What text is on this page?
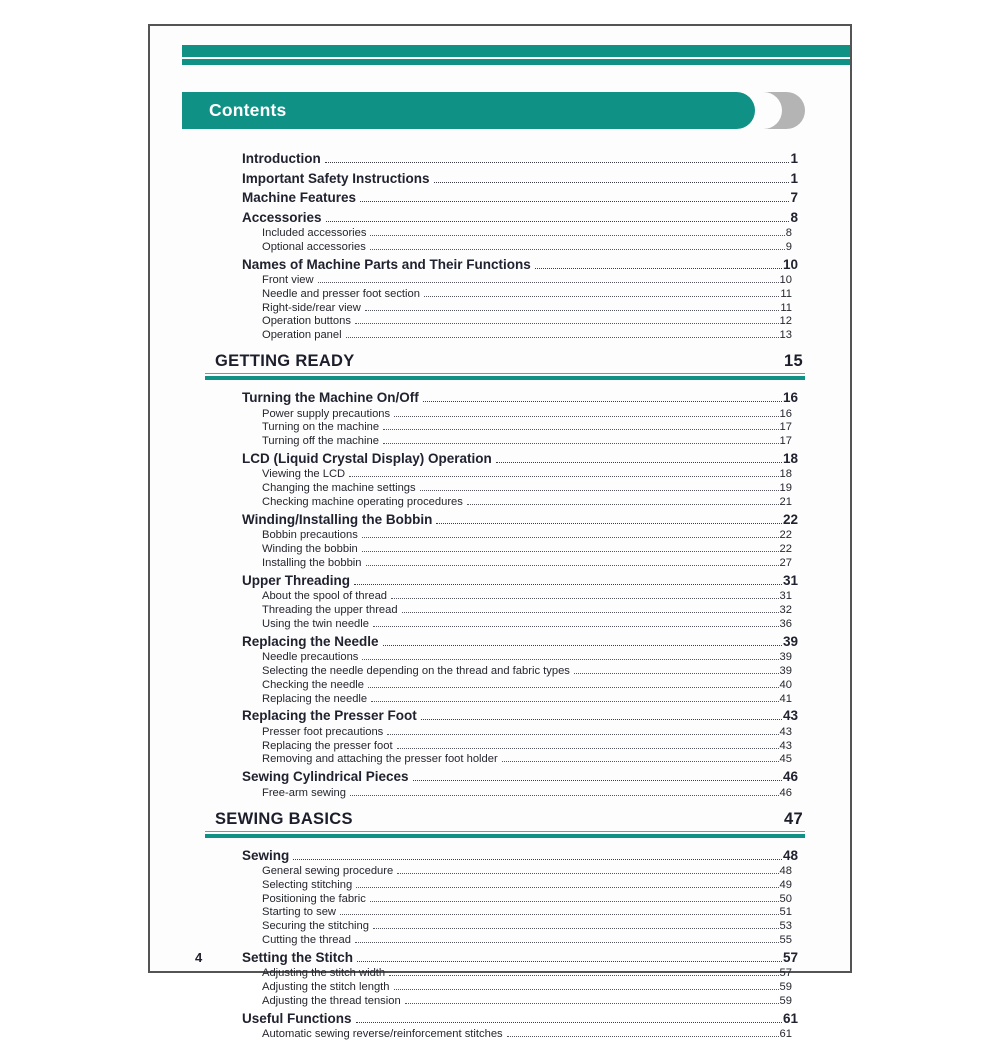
Contents
Introduction	1
Important Safety Instructions	1
Machine Features	7
Accessories	8
Included accessories	8
Optional accessories	9
Names of Machine Parts and Their Functions	10
Front view	10
Needle and presser foot section	11
Right-side/rear view	11
Operation buttons	12
Operation panel	13
GETTING READY	15
Turning the Machine On/Off	16
Power supply precautions	16
Turning on the machine	17
Turning off the machine	17
LCD (Liquid Crystal Display) Operation	18
Viewing the LCD	18
Changing the machine settings	19
Checking machine operating procedures	21
Winding/Installing the Bobbin	22
Bobbin precautions	22
Winding the bobbin	22
Installing the bobbin	27
Upper Threading	31
About the spool of thread	31
Threading the upper thread	32
Using the twin needle	36
Replacing the Needle	39
Needle precautions	39
Selecting the needle depending on the thread and fabric types	39
Checking the needle	40
Replacing the needle	41
Replacing the Presser Foot	43
Presser foot precautions	43
Replacing the presser foot	43
Removing and attaching the presser foot holder	45
Sewing Cylindrical Pieces	46
Free-arm sewing	46
SEWING BASICS	47
Sewing	48
General sewing procedure	48
Selecting stitching	49
Positioning the fabric	50
Starting to sew	51
Securing the stitching	53
Cutting the thread	55
Setting the Stitch	57
Adjusting the stitch width	57
Adjusting the stitch length	59
Adjusting the thread tension	59
Useful Functions	61
Automatic sewing reverse/reinforcement stitches	61
4
